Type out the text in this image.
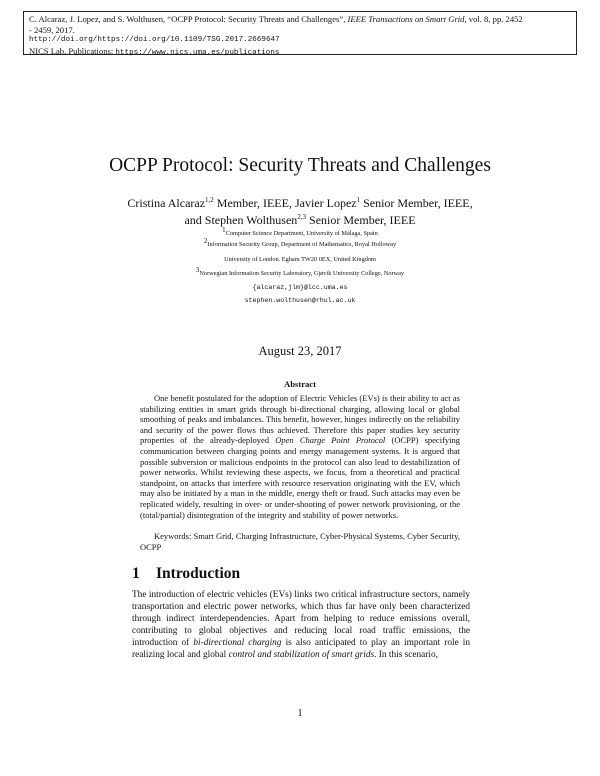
C. Alcaraz, J. Lopez, and S. Wolthusen, “OCPP Protocol: Security Threats and Challenges”, IEEE Transactions on Smart Grid, vol. 8, pp. 2452
- 2459, 2017.
http://doi.org/https://doi.org/10.1109/TSG.2017.2669647
NICS Lab. Publications: https://www.nics.uma.es/publications
OCPP Protocol: Security Threats and Challenges
Cristina Alcaraz$^{1,2}$ Member, IEEE, Javier Lopez$^1$ Senior Member, IEEE,
and Stephen Wolthusen$^{2,3}$ Senior Member, IEEE
$^1$Computer Science Department, University of Málaga, Spain
$^2$Information Security Group, Department of Mathematics, Royal Holloway
University of London. Egham TW20 0EX, United Kingdom
$^3$Norwegian Information Security Laboratory, Gjøvik University College, Norway
{alcaraz,jlm}@lcc.uma.es
stephen.wolthusen@rhul.ac.uk
August 23, 2017
Abstract

One benefit postulated for the adoption of Electric Vehicles (EVs) is their ability to act as stabilizing entities in smart grids through bi-directional charging, allowing local or global smoothing of peaks and imbalances. This benefit, however, hinges indirectly on the reliability and security of the power flows thus achieved. Therefore this paper studies key security properties of the already-deployed Open Charge Point Protocol (OCPP) specifying communication between charging points and energy management systems. It is argued that possible subversion or malicious endpoints in the protocol can also lead to destabilization of power networks. Whilst reviewing these aspects, we focus, from a theoretical and practical standpoint, on attacks that interfere with resource reservation originating with the EV, which may also be initiated by a man in the middle, energy theft or fraud. Such attacks may even be replicated widely, resulting in over- or under-shooting of power network provisioning, or the (total/partial) disintegration of the integrity and stability of power networks.

Keywords: Smart Grid, Charging Infrastructure, Cyber-Physical Systems, Cyber Security, OCPP

1 Introduction

The introduction of electric vehicles (EVs) links two critical infrastructure sectors, namely transportation and electric power networks, which thus far have only been characterized through indirect interdependencies. Apart from helping to reduce emissions overall, contributing to global objectives and reducing local road traffic emissions, the introduction of bi-directional charging is also anticipated to play an important role in realizing local and global control and stabilization of smart grids. In this scenario,

1
